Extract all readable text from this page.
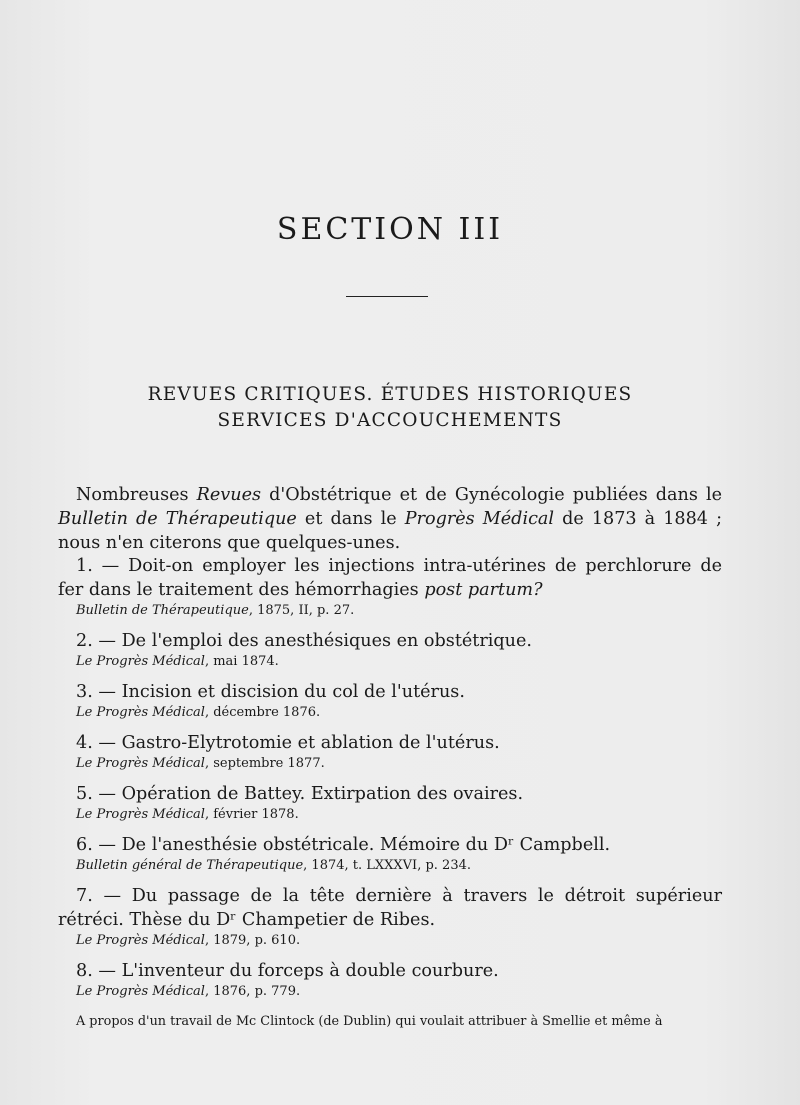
SECTION III
REVUES CRITIQUES. ÉTUDES HISTORIQUES
SERVICES D'ACCOUCHEMENTS

Nombreuses Revues d'Obstétrique et de Gynécologie publiées dans le Bulletin de Thérapeutique et dans le Progrès Médical de 1873 à 1884 ; nous n'en citerons que quelques-unes.

1. — Doit-on employer les injections intra-utérines de perchlorure de fer dans le traitement des hémorrhagies post partum?

Bulletin de Thérapeutique, 1875, II, p. 27.

2. — De l'emploi des anesthésiques en obstétrique.

Le Progrès Médical, mai 1874.

3. — Incision et discision du col de l'utérus.

Le Progrès Médical, décembre 1876.

4. — Gastro-Elytrotomie et ablation de l'utérus.

Le Progrès Médical, septembre 1877.

5. — Opération de Battey. Extirpation des ovaires.

Le Progrès Médical, février 1878.

6. — De l'anesthésie obstétricale. Mémoire du Dʳ Campbell.

Bulletin général de Thérapeutique, 1874, t. LXXXVI, p. 234.

7. — Du passage de la tête dernière à travers le détroit supérieur rétréci. Thèse du Dʳ Champetier de Ribes.

Le Progrès Médical, 1879, p. 610.

8. — L'inventeur du forceps à double courbure.

Le Progrès Médical, 1876, p. 779.

A propos d'un travail de Mc Clintock (de Dublin) qui voulait attribuer à Smellie et même à
